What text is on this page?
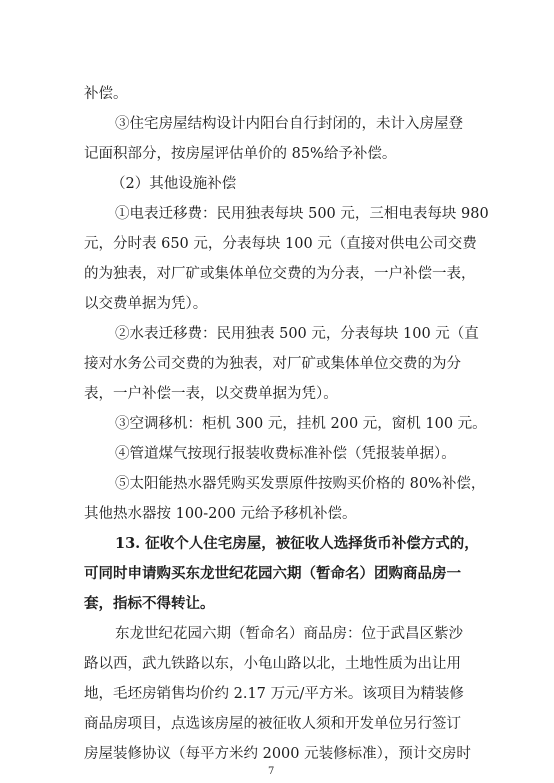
补偿。
③住宅房屋结构设计内阳台自行封闭的，未计入房屋登
记面积部分，按房屋评估单价的 85%给予补偿。
（2）其他设施补偿
①电表迁移费：民用独表每块 500 元，三相电表每块 980
元，分时表 650 元，分表每块 100 元（直接对供电公司交费
的为独表，对厂矿或集体单位交费的为分表，一户补偿一表，
以交费单据为凭）。
②水表迁移费：民用独表 500 元，分表每块 100 元（直
接对水务公司交费的为独表，对厂矿或集体单位交费的为分
表，一户补偿一表，以交费单据为凭）。
③空调移机：柜机 300 元，挂机 200 元，窗机 100 元。
④管道煤气按现行报装收费标准补偿（凭报装单据）。
⑤太阳能热水器凭购买发票原件按购买价格的 80%补偿，
其他热水器按 100-200 元给予移机补偿。
13. 征收个人住宅房屋，被征收人选择货币补偿方式的，
可同时申请购买东龙世纪花园六期（暂命名）团购商品房一
套，指标不得转让。
东龙世纪花园六期（暂命名）商品房：位于武昌区紫沙
路以西，武九铁路以东，小龟山路以北，土地性质为出让用
地，毛坯房销售均价约 2.17 万元/平方米。该项目为精装修
商品房项目，点选该房屋的被征收人须和开发单位另行签订
房屋装修协议（每平方米约 2000 元装修标准），预计交房时
7
